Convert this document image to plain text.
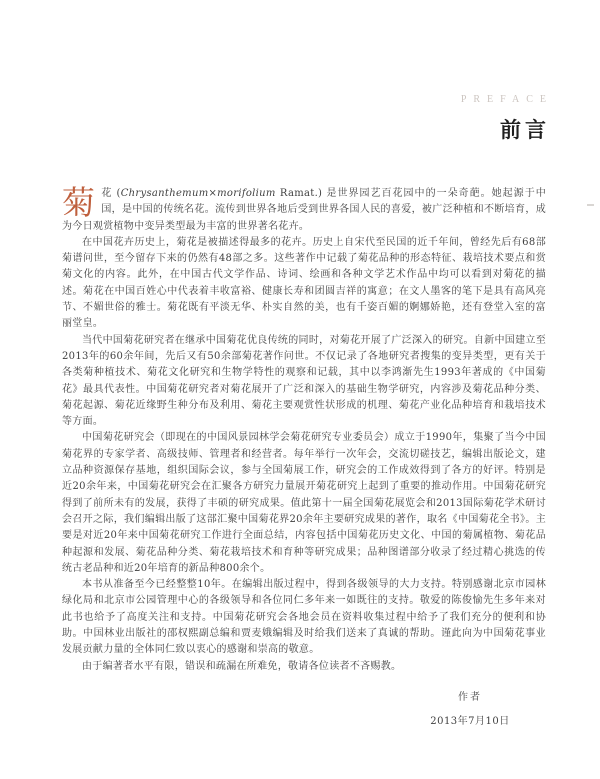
PREFACE
前言

菊花 (Chrysanthemum×morifolium Ramat.) 是世界园艺百花园中的一朵奇葩。她起源于中国，是中国的传统名花。流传到世界各地后受到世界各国人民的喜爱，被广泛种植和不断培育，成为今日观赏植物中变异类型最为丰富的世界著名花卉。

在中国花卉历史上，菊花是被描述得最多的花卉。历史上自宋代至民国的近千年间，曾经先后有68部菊谱问世，至今留存下来的仍然有48部之多。这些著作中记载了菊花品种的形态特征、栽培技术要点和赏菊文化的内容。此外，在中国古代文学作品、诗词、绘画和各种文学艺术作品中均可以看到对菊花的描述。菊花在中国百姓心中代表着丰收富裕、健康长寿和团圆吉祥的寓意；在文人墨客的笔下是具有高风亮节、不媚世俗的雅士。菊花既有平淡无华、朴实自然的美，也有千姿百媚的婀娜娇艳，还有登堂入室的富丽堂皇。

当代中国菊花研究者在继承中国菊花优良传统的同时，对菊花开展了广泛深入的研究。自新中国建立至2013年的60余年间，先后又有50余部菊花著作问世。不仅记录了各地研究者搜集的变异类型，更有关于各类菊种植技术、菊花文化研究和生物学特性的观察和记载，其中以李鸿渐先生1993年著成的《中国菊花》最具代表性。中国菊花研究者对菊花展开了广泛和深入的基础生物学研究，内容涉及菊花品种分类、菊花起源、菊花近缘野生种分布及利用、菊花主要观赏性状形成的机理、菊花产业化品种培育和栽培技术等方面。

中国菊花研究会（即现在的中国风景园林学会菊花研究专业委员会）成立于1990年，集聚了当今中国菊花界的专家学者、高级技师、管理者和经营者。每年举行一次年会，交流切磋技艺，编辑出版论文，建立品种资源保存基地，组织国际会议，参与全国菊展工作，研究会的工作成效得到了各方的好评。特别是近20余年来，中国菊花研究会在汇聚各方研究力量展开菊花研究上起到了重要的推动作用。中国菊花研究得到了前所未有的发展，获得了丰硕的研究成果。值此第十一届全国菊花展览会和2013国际菊花学术研讨会召开之际，我们编辑出版了这部汇聚中国菊花界20余年主要研究成果的著作，取名《中国菊花全书》。主要是对近20年来中国菊花研究工作进行全面总结，内容包括中国菊花历史文化、中国的菊属植物、菊花品种起源和发展、菊花品种分类、菊花栽培技术和育种等研究成果；品种图谱部分收录了经过精心挑选的传统古老品种和近20年培育的新品种800余个。

本书从准备至今已经整整10年。在编辑出版过程中，得到各级领导的大力支持。特别感谢北京市园林绿化局和北京市公园管理中心的各级领导和各位同仁多年来一如既往的支持。敬爱的陈俊愉先生多年来对此书也给予了高度关注和支持。中国菊花研究会各地会员在资料收集过程中给予了我们充分的便利和协助。中国林业出版社的邵权熙副总编和贾麦娥编辑及时给我们送来了真诚的帮助。谨此向为中国菊花事业发展贡献力量的全体同仁致以衷心的感谢和崇高的敬意。

由于编著者水平有限，错误和疏漏在所难免，敬请各位读者不吝赐教。

作者
2013年7月10日
